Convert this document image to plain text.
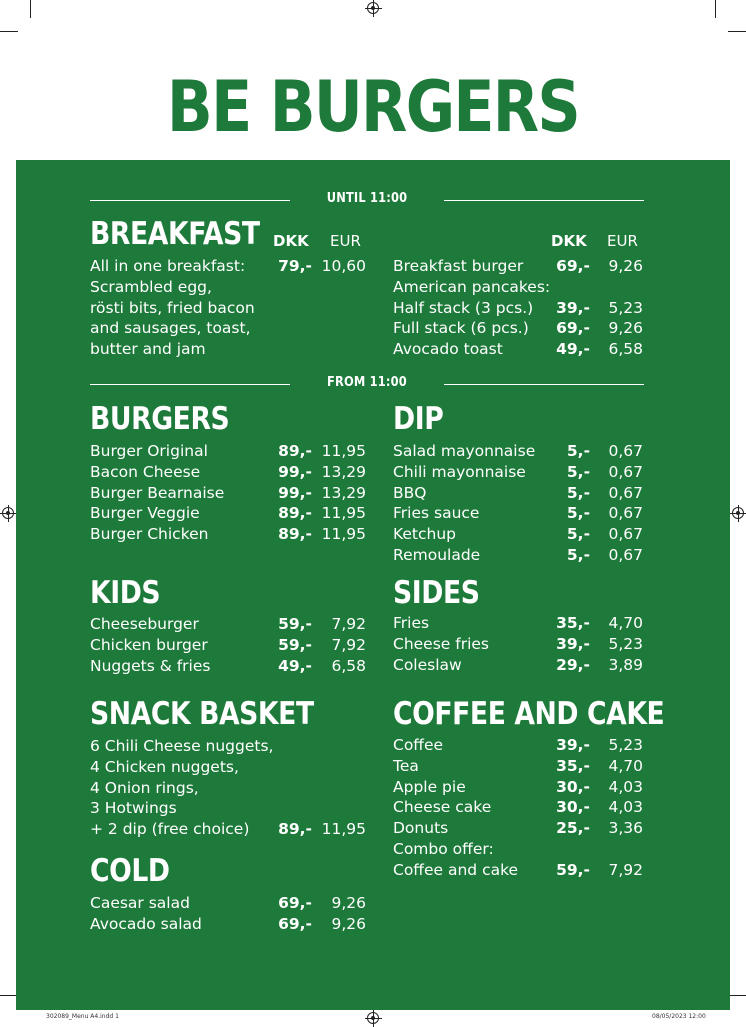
BE BURGERS
UNTIL 11:00
BREAKFAST DKK EUR	DKK EUR
All in one breakfast: 79,- 10,60
Scrambled egg,
rösti bits, fried bacon
and sausages, toast,
butter and jam
Breakfast burger 69,- 9,26
American pancakes:
Half stack (3 pcs.) 39,- 5,23
Full stack (6 pcs.) 69,- 9,26
Avocado toast	49,- 6,58
FROM 11:00
BURGERS
Burger Original	89,- 11,95
Bacon Cheese	99,- 13,29
Burger Bearnaise	99,- 13,29
Burger Veggie	89,- 11,95
Burger Chicken	89,- 11,95
DIP
Salad mayonnaise 5,- 0,67
Chili mayonnaise	5,- 0,67
BBQ	5,- 0,67
Fries sauce	5,- 0,67
Ketchup	5,- 0,67
Remoulade	5,- 0,67
KIDS
Cheeseburger	59,- 7,92
Chicken burger	59,- 7,92
Nuggets & fries	49,- 6,58
SIDES
Fries	35,- 4,70
Cheese fries	39,- 5,23
Coleslaw	29,- 3,89
SNACK BASKET
6 Chili Cheese nuggets,
4 Chicken nuggets,
4 Onion rings,
3 Hotwings
+ 2 dip (free choice) 89,- 11,95
COFFEE AND CAKE
Coffee	39,- 5,23
Tea	35,- 4,70
Apple pie	30,- 4,03
Cheese cake	30,- 4,03
Donuts	25,- 3,36
Combo offer:
Coffee and cake 59,- 7,92
COLD
Caesar salad	69,- 9,26
Avocado salad	69,- 9,26
302089_Menu A4.indd 1	08/05/2023 12:00
